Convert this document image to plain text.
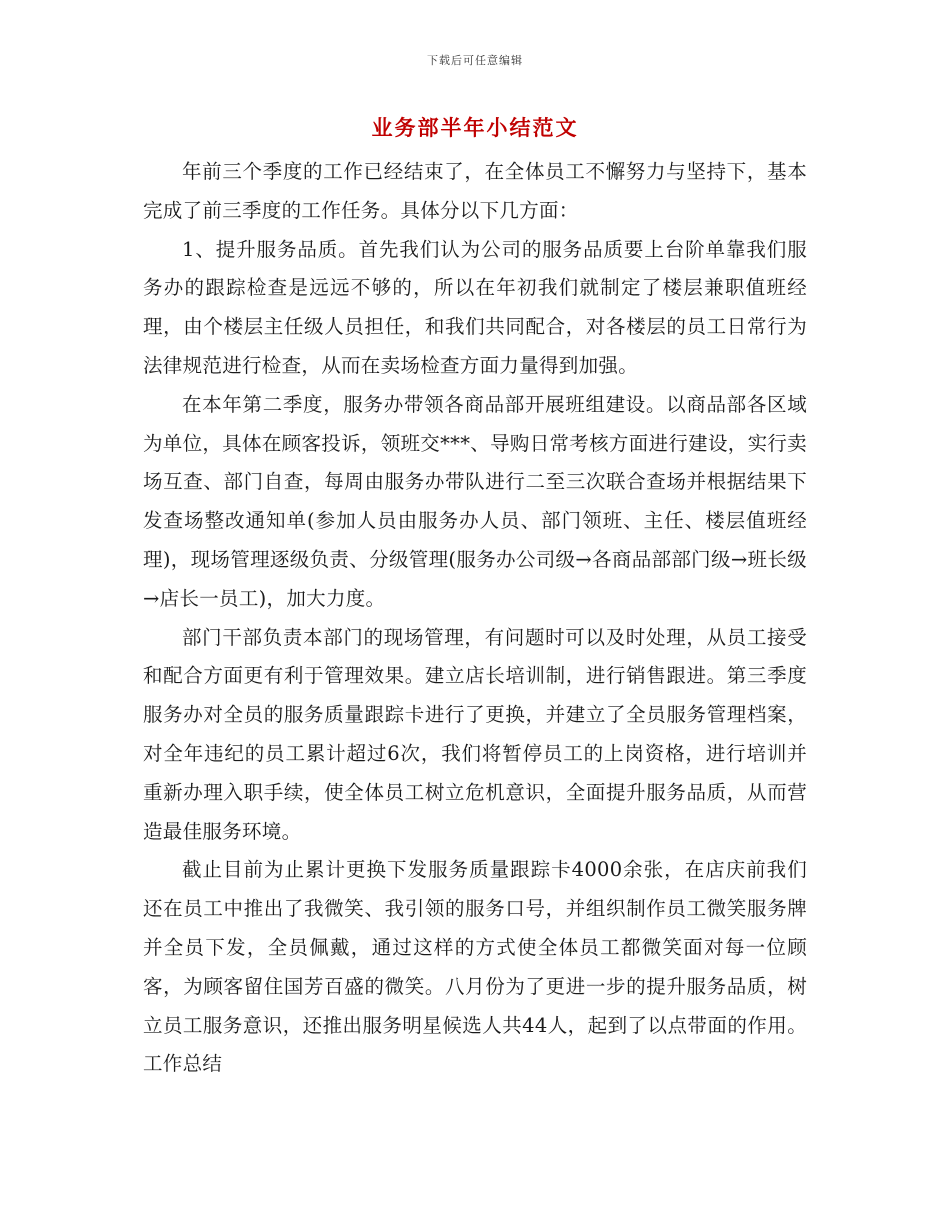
下载后可任意编辑
业务部半年小结范文

年前三个季度的工作已经结束了，在全体员工不懈努力与坚持下，基本完成了前三季度的工作任务。具体分以下几方面：

1、提升服务品质。首先我们认为公司的服务品质要上台阶单靠我们服务办的跟踪检查是远远不够的，所以在年初我们就制定了楼层兼职值班经理，由个楼层主任级人员担任，和我们共同配合，对各楼层的员工日常行为法律规范进行检查，从而在卖场检查方面力量得到加强。

在本年第二季度，服务办带领各商品部开展班组建设。以商品部各区域为单位，具体在顾客投诉，领班交***、导购日常考核方面进行建设，实行卖场互查、部门自查，每周由服务办带队进行二至三次联合查场并根据结果下发查场整改通知单(参加人员由服务办人员、部门领班、主任、楼层值班经理)，现场管理逐级负责、分级管理(服务办公司级→各商品部部门级→班长级→店长一员工)，加大力度。

部门干部负责本部门的现场管理，有问题时可以及时处理，从员工接受和配合方面更有利于管理效果。建立店长培训制，进行销售跟进。第三季度服务办对全员的服务质量跟踪卡进行了更换，并建立了全员服务管理档案，对全年违纪的员工累计超过6次，我们将暂停员工的上岗资格，进行培训并重新办理入职手续，使全体员工树立危机意识，全面提升服务品质，从而营造最佳服务环境。

截止目前为止累计更换下发服务质量跟踪卡4000余张，在店庆前我们还在员工中推出了我微笑、我引领的服务口号，并组织制作员工微笑服务牌并全员下发，全员佩戴，通过这样的方式使全体员工都微笑面对每一位顾客，为顾客留住国芳百盛的微笑。八月份为了更进一步的提升服务品质，树立员工服务意识，还推出服务明星候选人共44人，起到了以点带面的作用。工作总结
